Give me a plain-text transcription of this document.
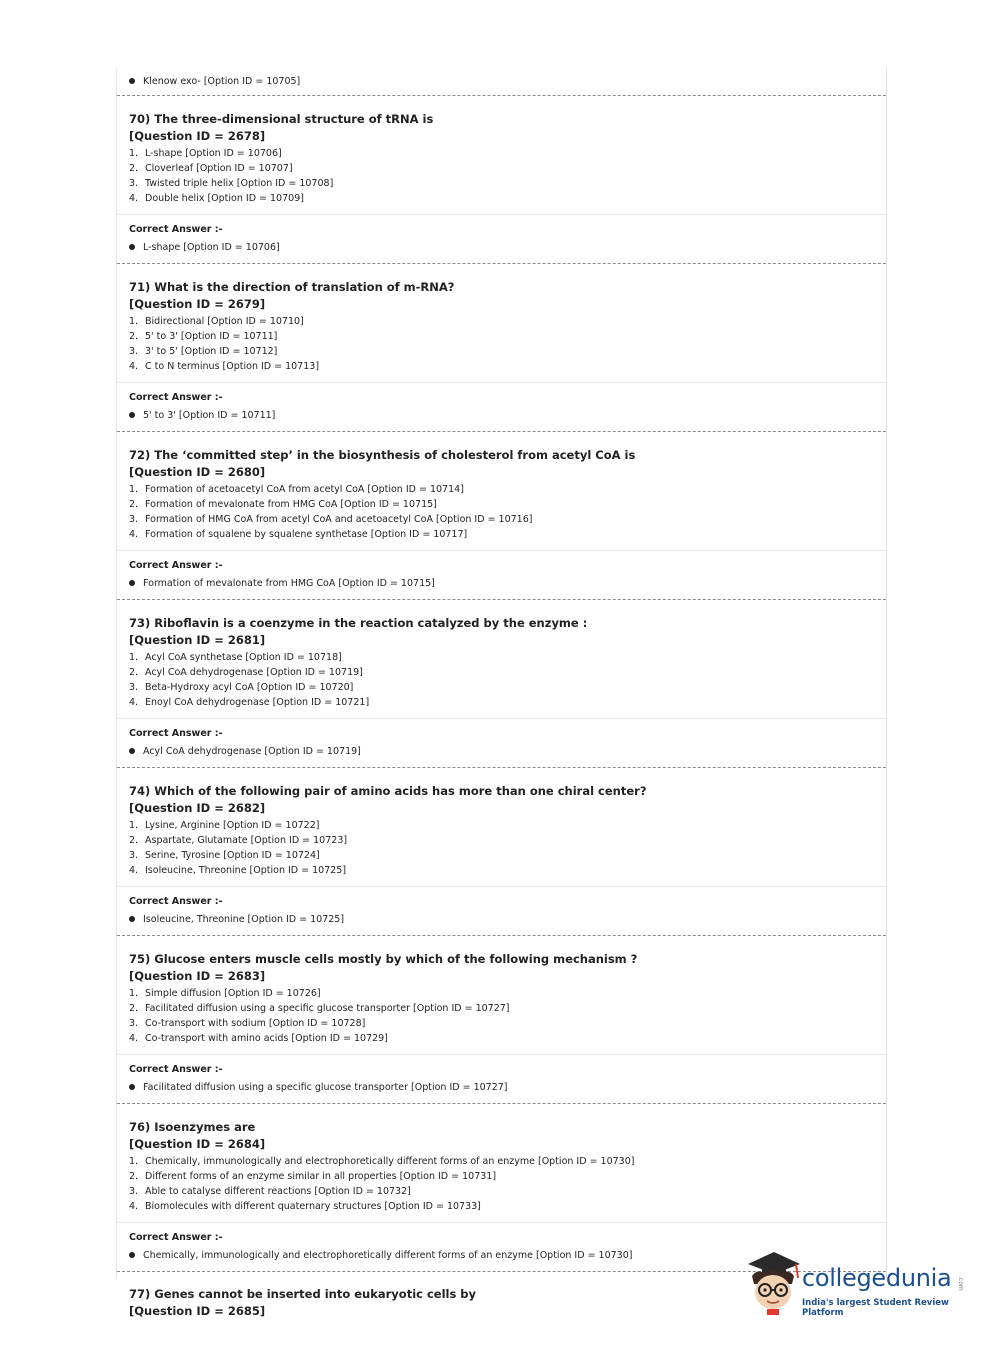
Klenow exo- [Option ID = 10705]
70) The three-dimensional structure of tRNA is
[Question ID = 2678]
1. L-shape [Option ID = 10706]
2. Cloverleaf [Option ID = 10707]
3. Twisted triple helix [Option ID = 10708]
4. Double helix [Option ID = 10709]
Correct Answer :-
L-shape [Option ID = 10706]
71) What is the direction of translation of m-RNA?
[Question ID = 2679]
1. Bidirectional [Option ID = 10710]
2. 5' to 3' [Option ID = 10711]
3. 3' to 5' [Option ID = 10712]
4. C to N terminus [Option ID = 10713]
Correct Answer :-
5' to 3' [Option ID = 10711]
72) The ‘committed step’ in the biosynthesis of cholesterol from acetyl CoA is
[Question ID = 2680]
1. Formation of acetoacetyl CoA from acetyl CoA [Option ID = 10714]
2. Formation of mevalonate from HMG CoA [Option ID = 10715]
3. Formation of HMG CoA from acetyl CoA and acetoacetyl CoA [Option ID = 10716]
4. Formation of squalene by squalene synthetase [Option ID = 10717]
Correct Answer :-
Formation of mevalonate from HMG CoA [Option ID = 10715]
73) Riboflavin is a coenzyme in the reaction catalyzed by the enzyme :
[Question ID = 2681]
1. Acyl CoA synthetase [Option ID = 10718]
2. Acyl CoA dehydrogenase [Option ID = 10719]
3. Beta-Hydroxy acyl CoA [Option ID = 10720]
4. Enoyl CoA dehydrogenase [Option ID = 10721]
Correct Answer :-
Acyl CoA dehydrogenase [Option ID = 10719]
74) Which of the following pair of amino acids has more than one chiral center?
[Question ID = 2682]
1. Lysine, Arginine [Option ID = 10722]
2. Aspartate, Glutamate [Option ID = 10723]
3. Serine, Tyrosine [Option ID = 10724]
4. Isoleucine, Threonine [Option ID = 10725]
Correct Answer :-
Isoleucine, Threonine [Option ID = 10725]
75) Glucose enters muscle cells mostly by which of the following mechanism ?
[Question ID = 2683]
1. Simple diffusion [Option ID = 10726]
2. Facilitated diffusion using a specific glucose transporter [Option ID = 10727]
3. Co-transport with sodium [Option ID = 10728]
4. Co-transport with amino acids [Option ID = 10729]
Correct Answer :-
Facilitated diffusion using a specific glucose transporter [Option ID = 10727]
76) Isoenzymes are
[Question ID = 2684]
1. Chemically, immunologically and electrophoretically different forms of an enzyme [Option ID = 10730]
2. Different forms of an enzyme similar in all properties [Option ID = 10731]
3. Able to catalyse different reactions [Option ID = 10732]
4. Biomolecules with different quaternary structures [Option ID = 10733]
Correct Answer :-
Chemically, immunologically and electrophoretically different forms of an enzyme [Option ID = 10730]
77) Genes cannot be inserted into eukaryotic cells by
[Question ID = 2685]
collegedunia .com
India's largest Student Review Platform
